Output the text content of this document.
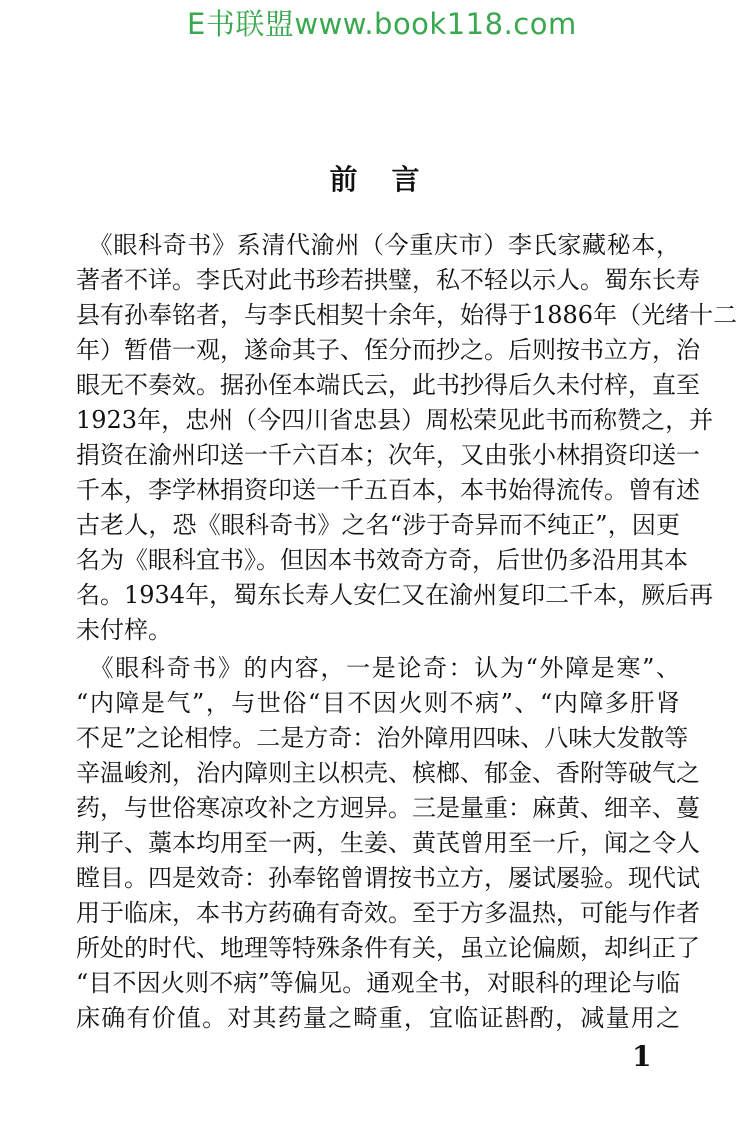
E书联盟www.book118.com
前言
　《眼科奇书》系清代渝州（今重庆市）李氏家藏秘本，
著者不详。李氏对此书珍若拱璧，私不轻以示人。蜀东长寿
县有孙奉铭者，与李氏相契十余年，始得于1886年（光绪十二
年）暂借一观，遂命其子、侄分而抄之。后则按书立方，治
眼无不奏效。据孙侄本端氏云，此书抄得后久未付梓，直至
1923年，忠州（今四川省忠县）周松荣见此书而称赞之，并
捐资在渝州印送一千六百本；次年，又由张小林捐资印送一
千本，李学林捐资印送一千五百本，本书始得流传。曾有述
古老人，恐《眼科奇书》之名“涉于奇异而不纯正”，因更
名为《眼科宜书》。但因本书效奇方奇，后世仍多沿用其本
名。1934年，蜀东长寿人安仁又在渝州复印二千本，厥后再
未付梓。
　《眼科奇书》的内容，一是论奇：认为“外障是寒”、
“内障是气”，与世俗“目不因火则不病”、“内障多肝肾
不足”之论相悖。二是方奇：治外障用四味、八味大发散等
辛温峻剂，治内障则主以枳壳、槟榔、郁金、香附等破气之
药，与世俗寒凉攻补之方迥异。三是量重：麻黄、细辛、蔓
荆子、藁本均用至一两，生姜、黄芪曾用至一斤，闻之令人
瞠目。四是效奇：孙奉铭曾谓按书立方，屡试屡验。现代试
用于临床，本书方药确有奇效。至于方多温热，可能与作者
所处的时代、地理等特殊条件有关，虽立论偏颇，却纠正了
“目不因火则不病”等偏见。通观全书，对眼科的理论与临
床确有价值。对其药量之畸重，宜临证斟酌，减量用之
1
